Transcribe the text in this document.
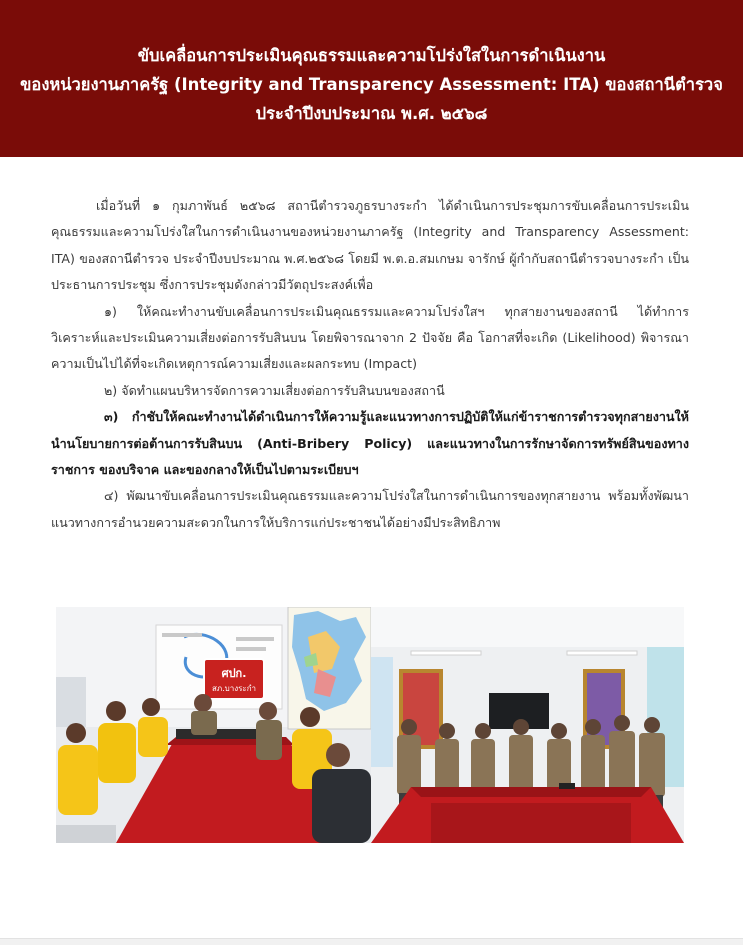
ขับเคลื่อนการประเมินคุณธรรมและความโปร่งใสในการดำเนินงาน
ของหน่วยงานภาครัฐ (Integrity and Transparency Assessment: ITA) ของสถานีตำรวจ
ประจำปีงบประมาณ พ.ศ. ๒๕๖๘

เมื่อวันที่ ๑ กุมภาพันธ์ ๒๕๖๘ สถานีตำรวจภูธรบางระกำ ได้ดำเนินการประชุมการขับเคลื่อนการประเมินคุณธรรมและความโปร่งใสในการดำเนินงานของหน่วยงานภาครัฐ (Integrity and Transparency Assessment: ITA) ของสถานีตำรวจ ประจำปีงบประมาณ พ.ศ.๒๕๖๘ โดยมี พ.ต.อ.สมเกษม จารักษ์ ผู้กำกับสถานีตำรวจบางระกำ เป็นประธานการประชุม ซึ่งการประชุมดังกล่าวมีวัตถุประสงค์เพื่อ

๑) ให้คณะทำงานขับเคลื่อนการประเมินคุณธรรมและความโปร่งใสฯ ทุกสายงานของสถานี ได้ทำการวิเคราะห์และประเมินความเสี่ยงต่อการรับสินบน โดยพิจารณาจาก 2 ปัจจัย คือ โอกาสที่จะเกิด (Likelihood) พิจารณาความเป็นไปได้ที่จะเกิดเหตุการณ์ความเสี่ยงและผลกระทบ (Impact)

๒) จัดทำแผนบริหารจัดการความเสี่ยงต่อการรับสินบนของสถานี

๓) กำชับให้คณะทำงานได้ดำเนินการให้ความรู้และแนวทางการปฏิบัติให้แก่ข้าราชการตำรวจทุกสายงานให้นำนโยบายการต่อต้านการรับสินบน (Anti-Bribery Policy) และแนวทางในการรักษาจัดการทรัพย์สินของทางราชการ ของบริจาค และของกลางให้เป็นไปตามระเบียบฯ

๔) พัฒนาขับเคลื่อนการประเมินคุณธรรมและความโปร่งใสในการดำเนินการของทุกสายงาน พร้อมทั้งพัฒนาแนวทางการอำนวยความสะดวกในการให้บริการแก่ประชาชนได้อย่างมีประสิทธิภาพ

ศปก.
สภ.บางระกำ
